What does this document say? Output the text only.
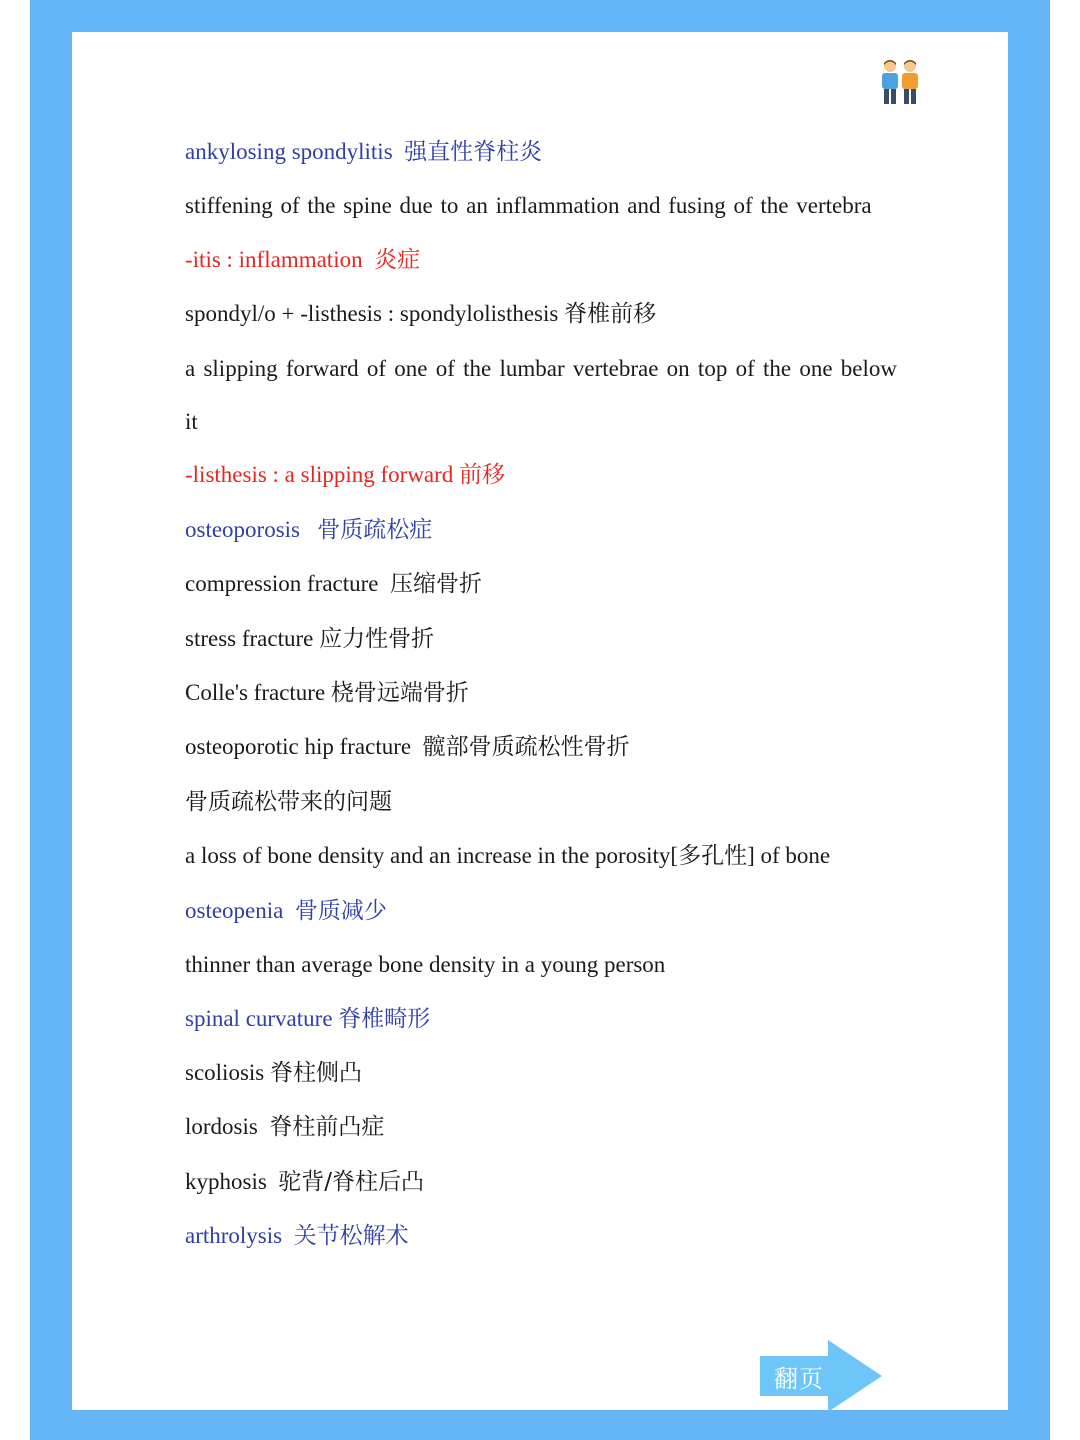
ankylosing spondylitis 强直性脊柱炎
stiffening of the spine due to an inflammation and fusing of the vertebra
-itis : inflammation 炎症
spondyl/o + -listhesis : spondylolisthesis 脊椎前移
a slipping forward of one of the lumbar vertebrae on top of the one below it
-listhesis : a slipping forward 前移
osteoporosis 骨质疏松症
compression fracture 压缩骨折
stress fracture 应力性骨折
Colle's fracture 桡骨远端骨折
osteoporotic hip fracture 髋部骨质疏松性骨折
骨质疏松带来的问题
a loss of bone density and an increase in the porosity[多孔性] of bone
osteopenia 骨质减少
thinner than average bone density in a young person
spinal curvature 脊椎畸形
scoliosis 脊柱侧凸
lordosis 脊柱前凸症
kyphosis 驼背/脊柱后凸
arthrolysis 关节松解术
翻页
